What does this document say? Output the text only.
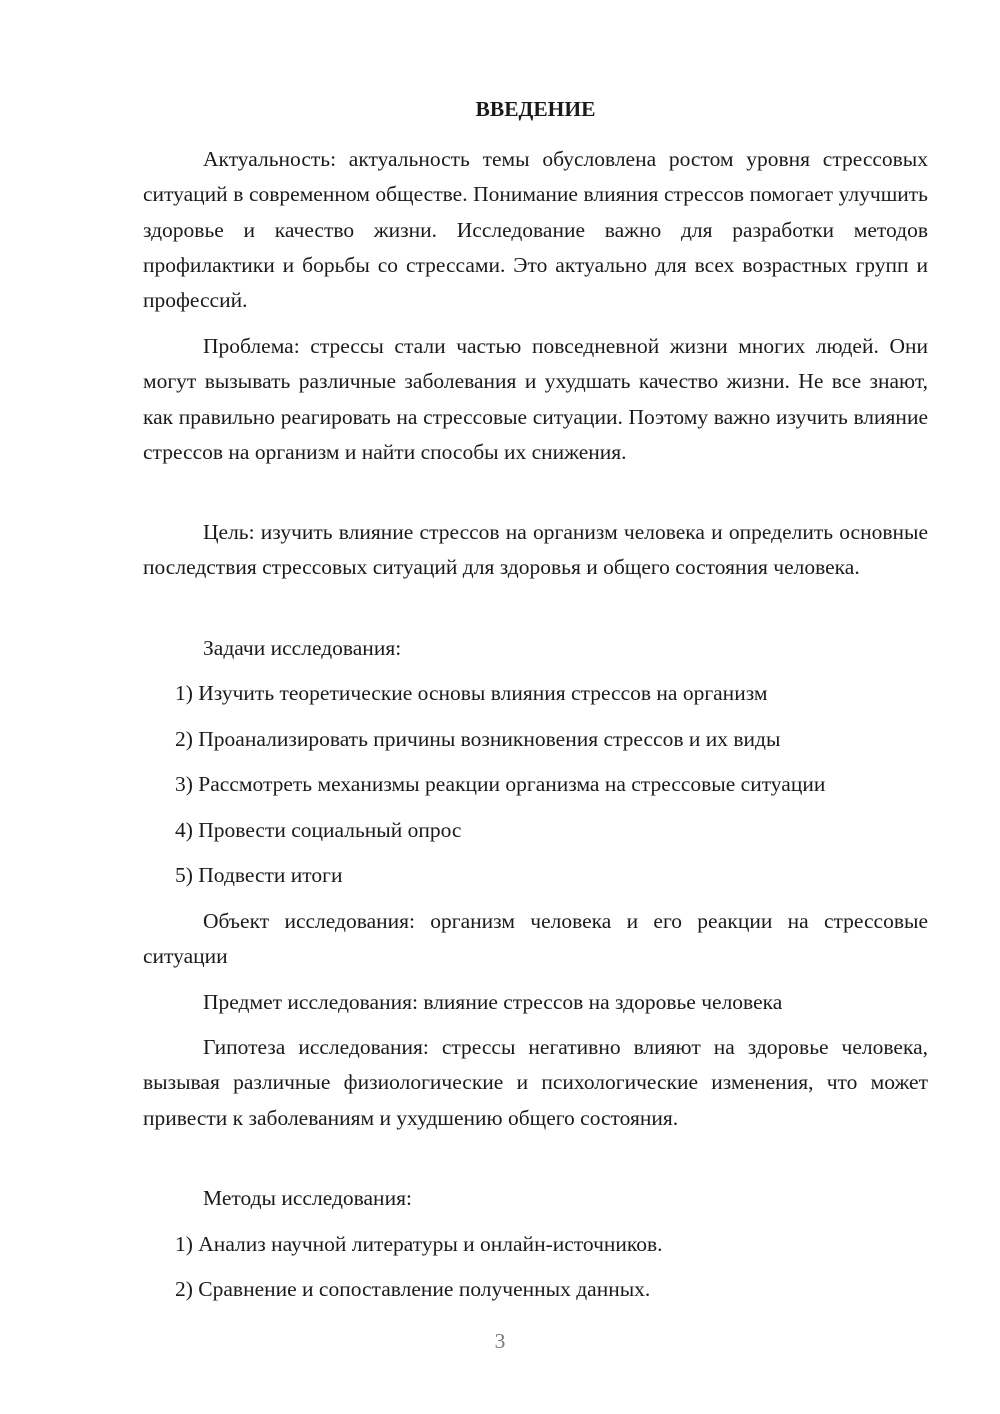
ВВЕДЕНИЕ

Актуальность: актуальность темы обусловлена ростом уровня стрессовых ситуаций в современном обществе. Понимание влияния стрессов помогает улучшить здоровье и качество жизни. Исследование важно для разработки методов профилактики и борьбы со стрессами. Это актуально для всех возрастных групп и профессий.

Проблема: стрессы стали частью повседневной жизни многих людей. Они могут вызывать различные заболевания и ухудшать качество жизни. Не все знают, как правильно реагировать на стрессовые ситуации. Поэтому важно изучить влияние стрессов на организм и найти способы их снижения.

Цель: изучить влияние стрессов на организм человека и определить основные последствия стрессовых ситуаций для здоровья и общего состояния человека.

Задачи исследования:

1) Изучить теоретические основы влияния стрессов на организм

2) Проанализировать причины возникновения стрессов и их виды

3) Рассмотреть механизмы реакции организма на стрессовые ситуации

4) Провести социальный опрос

5) Подвести итоги

Объект исследования: организм человека и его реакции на стрессовые ситуации

Предмет исследования: влияние стрессов на здоровье человека

Гипотеза исследования: стрессы негативно влияют на здоровье человека, вызывая различные физиологические и психологические изменения, что может привести к заболеваниям и ухудшению общего состояния.

Методы исследования:

1) Анализ научной литературы и онлайн-источников.

2) Сравнение и сопоставление полученных данных.

3
